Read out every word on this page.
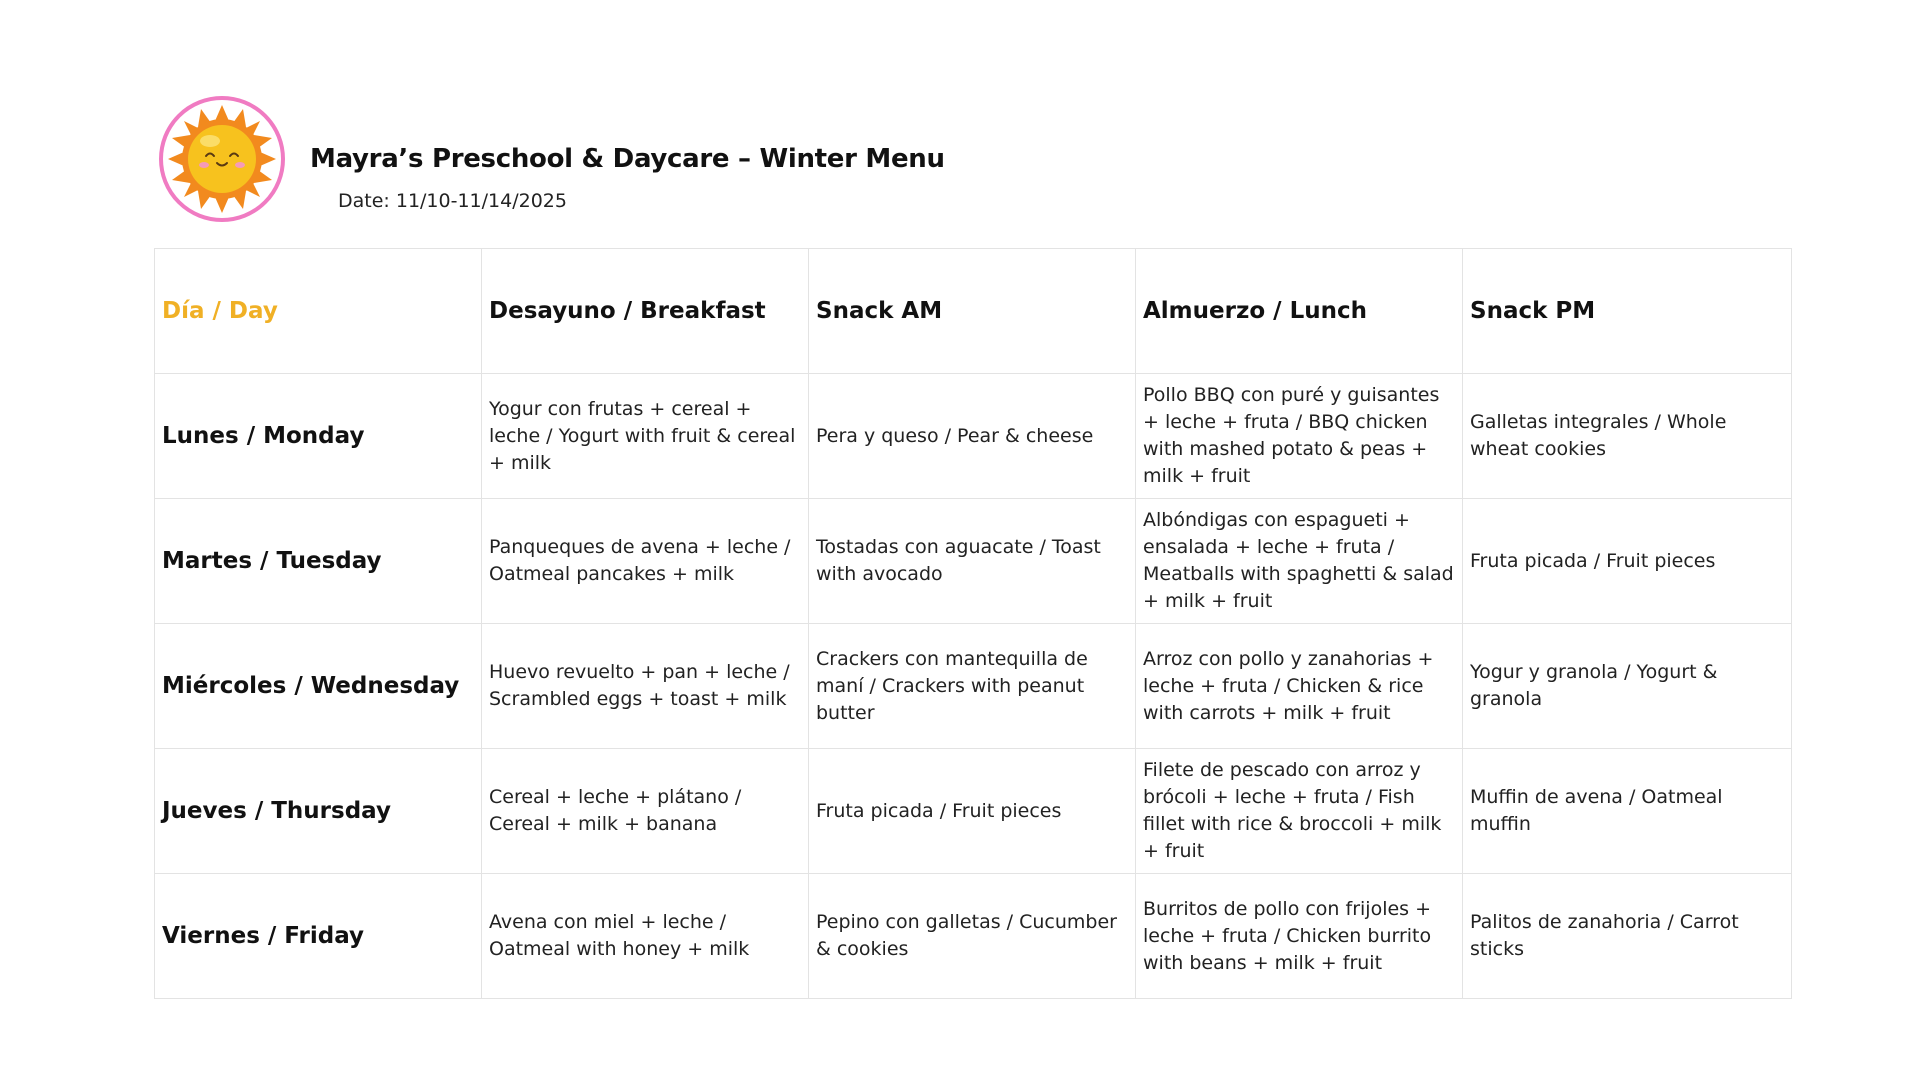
Mayra’s Preschool & Daycare – Winter Menu
Date: 11/10-11/14/2025
Día / Day	Desayuno / Breakfast	Snack AM	Almuerzo / Lunch	Snack PM
Lunes / Monday	Yogur con frutas + cereal + leche / Yogurt with fruit & cereal + milk	Pera y queso / Pear & cheese	Pollo BBQ con puré y guisantes + leche + fruta / BBQ chicken with mashed potato & peas + milk + fruit	Galletas integrales / Whole wheat cookies
Martes / Tuesday	Panqueques de avena + leche / Oatmeal pancakes + milk	Tostadas con aguacate / Toast with avocado	Albóndigas con espagueti + ensalada + leche + fruta / Meatballs with spaghetti & salad + milk + fruit	Fruta picada / Fruit pieces
Miércoles / Wednesday	Huevo revuelto + pan + leche / Scrambled eggs + toast + milk	Crackers con mantequilla de maní / Crackers with peanut butter	Arroz con pollo y zanahorias + leche + fruta / Chicken & rice with carrots + milk + fruit	Yogur y granola / Yogurt & granola
Jueves / Thursday	Cereal + leche + plátano / Cereal + milk + banana	Fruta picada / Fruit pieces	Filete de pescado con arroz y brócoli + leche + fruta / Fish fillet with rice & broccoli + milk + fruit	Muffin de avena / Oatmeal muffin
Viernes / Friday	Avena con miel + leche / Oatmeal with honey + milk	Pepino con galletas / Cucumber & cookies	Burritos de pollo con frijoles + leche + fruta / Chicken burrito with beans + milk + fruit	Palitos de zanahoria / Carrot sticks
